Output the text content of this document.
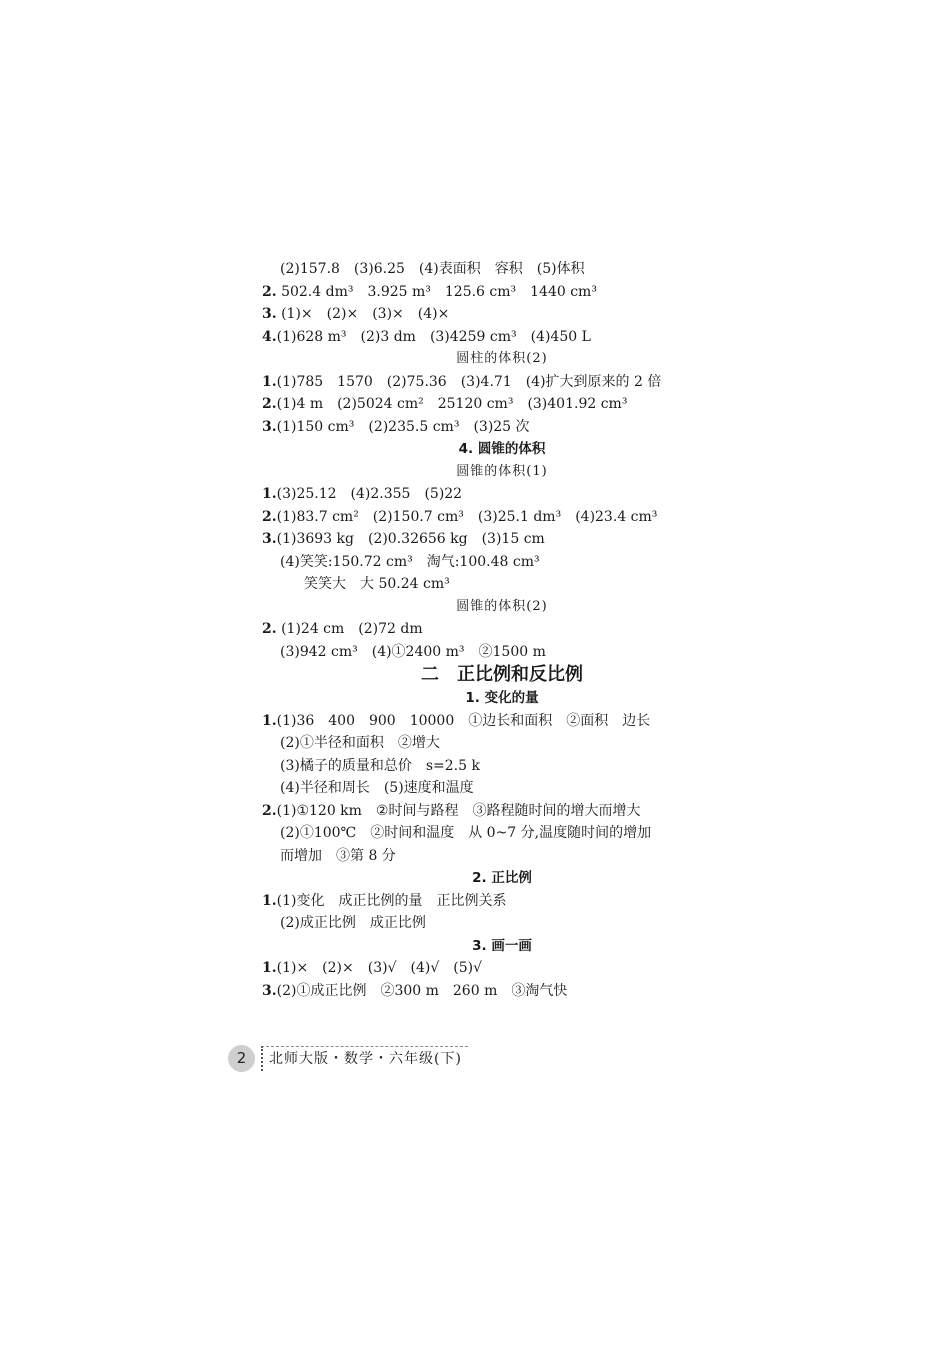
(2)157.8　(3)6.25　(4)表面积　容积　(5)体积
2. 502.4 dm³　3.925 m³　125.6 cm³　1440 cm³
3. (1)×　(2)×　(3)×　(4)×
4.(1)628 m³　(2)3 dm　(3)4259 cm³　(4)450 L
圆柱的体积(2)
1.(1)785　1570　(2)75.36　(3)4.71　(4)扩大到原来的 2 倍
2.(1)4 m　(2)5024 cm²　25120 cm³　(3)401.92 cm³
3.(1)150 cm³　(2)235.5 cm³　(3)25 次
4. 圆锥的体积
圆锥的体积(1)
1.(3)25.12　(4)2.355　(5)22
2.(1)83.7 cm²　(2)150.7 cm³　(3)25.1 dm³　(4)23.4 cm³
3.(1)3693 kg　(2)0.32656 kg　(3)15 cm
(4)笑笑:150.72 cm³　淘气:100.48 cm³
笑笑大　大 50.24 cm³
圆锥的体积(2)
2. (1)24 cm　(2)72 dm
(3)942 cm³　(4)①2400 m³　②1500 m
二 正比例和反比例
1. 变化的量
1.(1)36　400　900　10000　①边长和面积　②面积　边长
(2)①半径和面积　②增大
(3)橘子的质量和总价　s=2.5 k
(4)半径和周长　(5)速度和温度
2.(1)①120 km　②时间与路程　③路程随时间的增大而增大
(2)①100℃　②时间和温度　从 0~7 分,温度随时间的增加
而增加　③第 8 分
2. 正比例
1.(1)变化　成正比例的量　正比例关系
(2)成正比例　成正比例
3. 画一画
1.(1)×　(2)×　(3)√　(4)√　(5)√
3.(2)①成正比例　②300 m　260 m　③淘气快
2	北师大版・数学・六年级(下)
